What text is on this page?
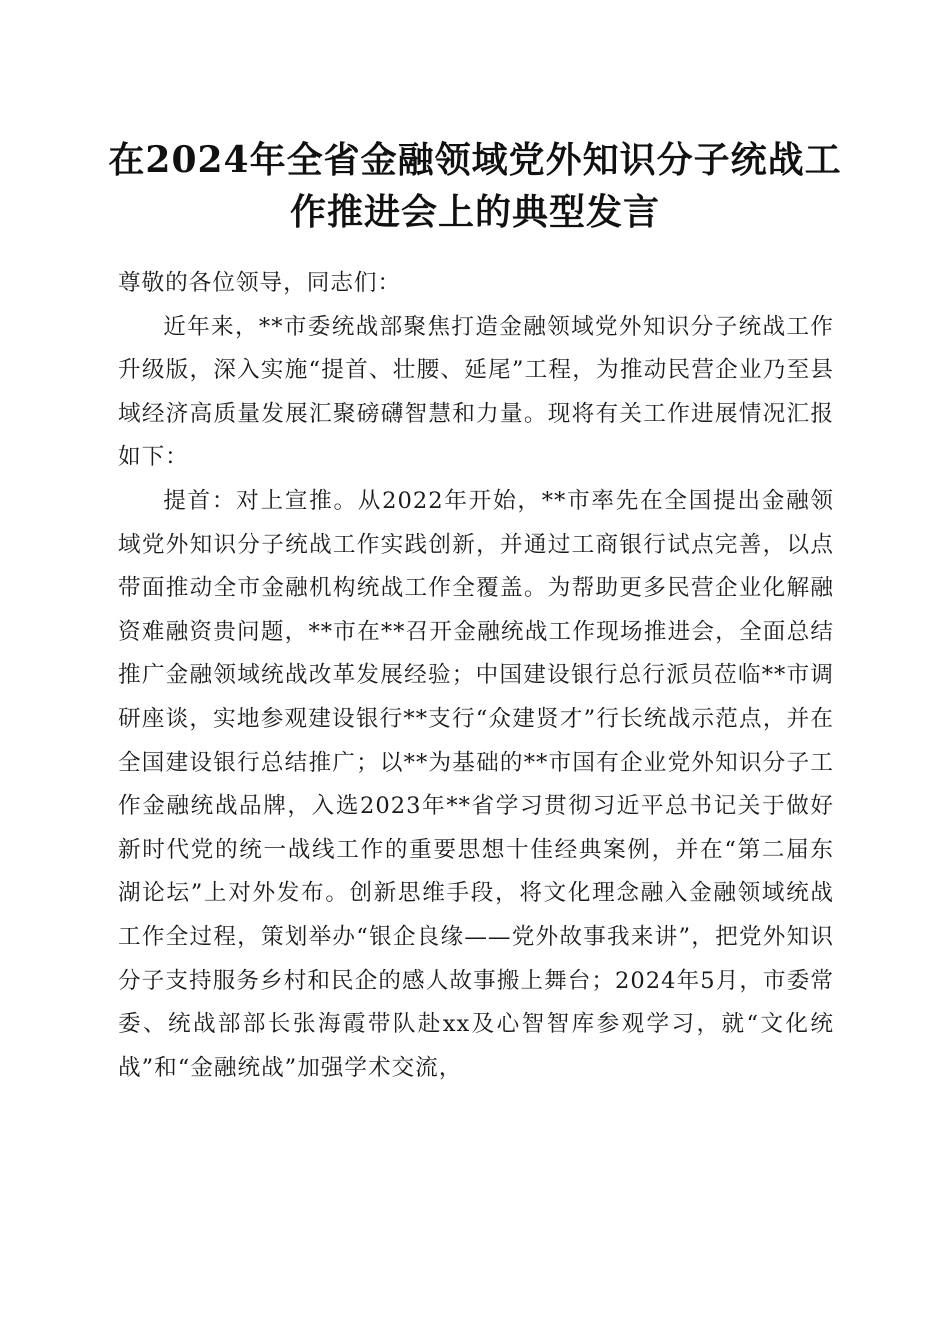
在2024年全省金融领域党外知识分子统战工作推进会上的典型发言

尊敬的各位领导，同志们：

近年来，**市委统战部聚焦打造金融领域党外知识分子统战工作升级版，深入实施“提首、壮腰、延尾”工程，为推动民营企业乃至县域经济高质量发展汇聚磅礴智慧和力量。现将有关工作进展情况汇报如下：

提首：对上宣推。从2022年开始，**市率先在全国提出金融领域党外知识分子统战工作实践创新，并通过工商银行试点完善，以点带面推动全市金融机构统战工作全覆盖。为帮助更多民营企业化解融资难融资贵问题，**市在**召开金融统战工作现场推进会，全面总结推广金融领域统战改革发展经验；中国建设银行总行派员莅临**市调研座谈，实地参观建设银行**支行“众建贤才”行长统战示范点，并在全国建设银行总结推广；以**为基础的**市国有企业党外知识分子工作金融统战品牌，入选2023年**省学习贯彻习近平总书记关于做好新时代党的统一战线工作的重要思想十佳经典案例，并在“第二届东湖论坛”上对外发布。创新思维手段，将文化理念融入金融领域统战工作全过程，策划举办“银企良缘——党外故事我来讲”，把党外知识分子支持服务乡村和民企的感人故事搬上舞台；2024年5月，市委常委、统战部部长张海霞带队赴xx及心智智库参观学习，就“文化统战”和“金融统战”加强学术交流，
